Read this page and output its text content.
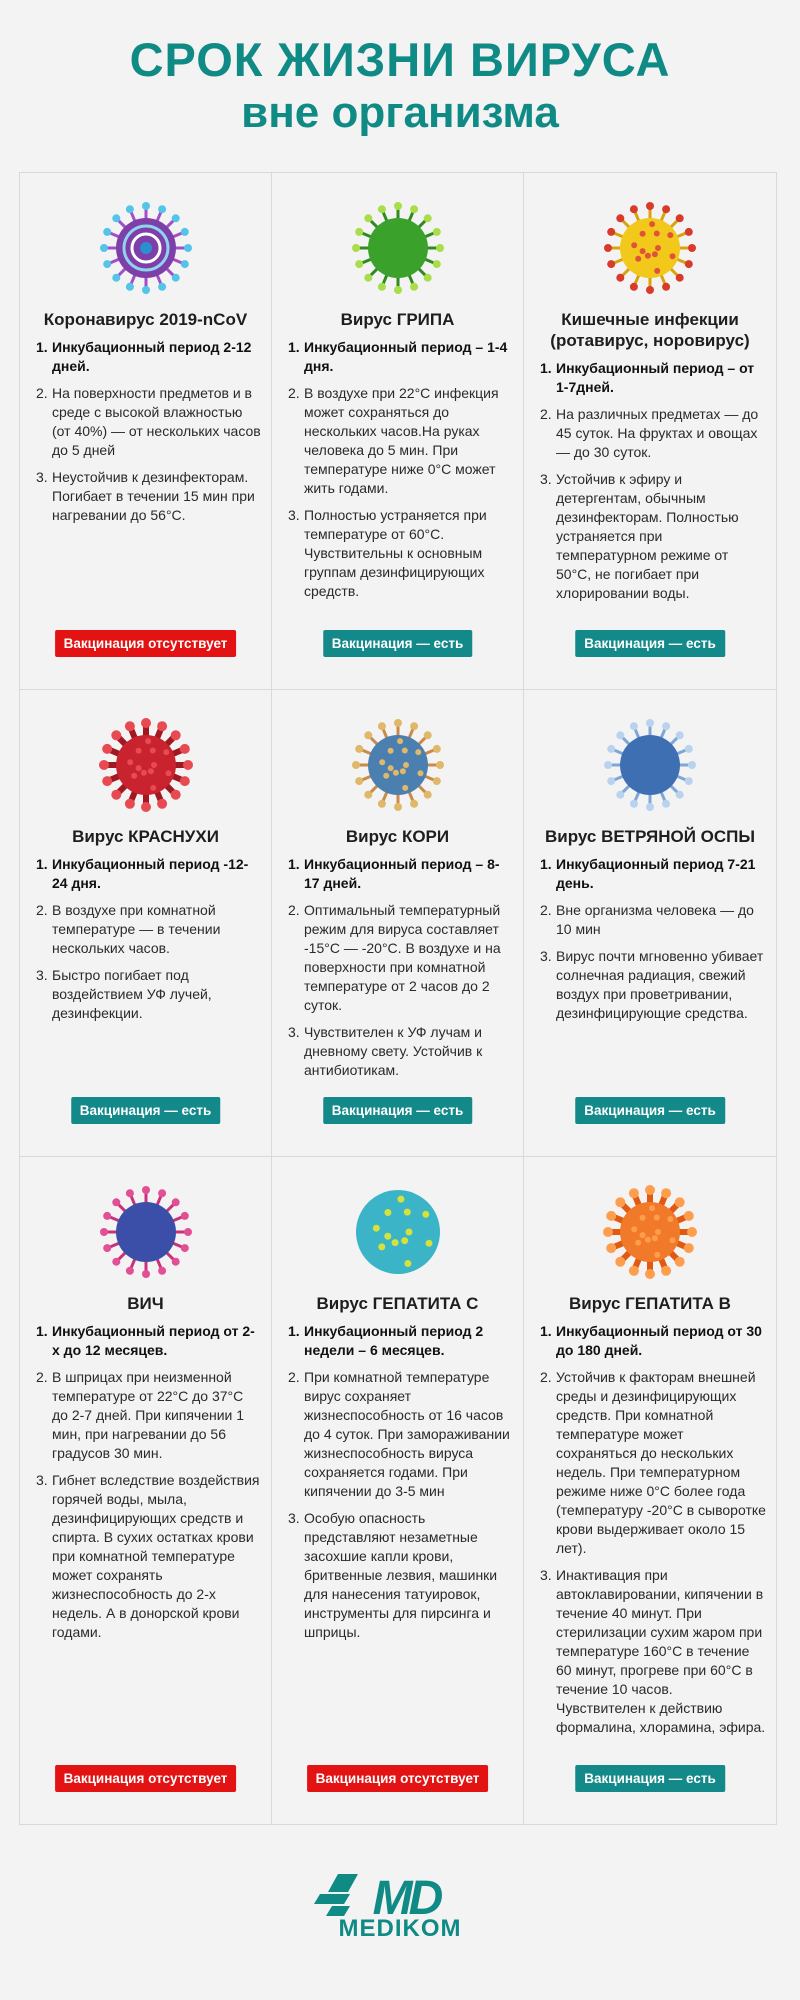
СРОК ЖИЗНИ ВИРУСА
вне организма
Коронавирус 2019-nCoV
Инкубационный период 2-12 дней.
На поверхности предметов и в среде с высокой влажностью (от 40%) — от нескольких часов до 5 дней
Неустойчив к дезинфекторам. Погибает в течении 15 мин при нагревании до 56°С.
Вакцинация отсутствует
Вирус ГРИПА
Инкубационный период – 1-4 дня.
В воздухе при 22°С инфекция может сохраняться до нескольких часов.На руках человека до 5 мин. При температуре ниже 0°С может жить годами.
Полностью устраняется при температуре от 60°С. Чувствительны к основным группам дезинфицирующих средств.
Вакцинация — есть
Кишечные инфекции (ротавирус, норовирус)
Инкубационный период – от 1-7дней.
На различных предметах — до 45 суток. На фруктах и овощах — до 30 суток.
Устойчив к эфиру и детергентам, обычным дезинфекторам. Полностью устраняется при температурном режиме от 50°С, не погибает при хлорировании воды.
Вакцинация — есть
Вирус КРАСНУХИ
Инкубационный период -12-24 дня.
В воздухе при комнатной температуре — в течении нескольких часов.
Быстро погибает под воздействием УФ лучей, дезинфекции.
Вакцинация — есть
Вирус КОРИ
Инкубационный период – 8-17 дней.
Оптимальный температурный режим для вируса составляет -15°С — -20°С. В воздухе и на поверхности при комнатной температуре от 2 часов до 2 суток.
Чувствителен к УФ лучам и дневному свету. Устойчив к антибиотикам.
Вакцинация — есть
Вирус ВЕТРЯНОЙ ОСПЫ
Инкубационный период 7-21 день.
Вне организма человека — до 10 мин
Вирус почти мгновенно убивает солнечная радиация, свежий воздух при проветривании, дезинфицирующие средства.
Вакцинация — есть
ВИЧ
Инкубационный период от 2-х до 12 месяцев.
В шприцах при неизменной температуре от 22°С до 37°С до 2-7 дней. При кипячении 1 мин, при нагревании до 56 градусов 30 мин.
Гибнет вследствие воздействия горячей воды, мыла, дезинфицирующих средств и спирта. В сухих остатках крови при комнатной температуре может сохранять жизнеспособность до 2-х недель. А в донорской крови годами.
Вакцинация отсутствует
Вирус ГЕПАТИТА С
Инкубационный период 2 недели – 6 месяцев.
При комнатной температуре вирус сохраняет жизнеспособность от 16 часов до 4 суток. При замораживании жизнеспособность вируса сохраняется годами. При кипячении до 3-5 мин
Особую опасность представляют незаметные засохшие капли крови, бритвенные лезвия, машинки для нанесения татуировок, инструменты для пирсинга и шприцы.
Вакцинация отсутствует
Вирус ГЕПАТИТА В
Инкубационный период от 30 до 180 дней.
Устойчив к факторам внешней среды и дезинфицирующих средств. При комнатной температуре может сохраняться до нескольких недель. При температурном режиме ниже 0°С более года (температуру -20°С в сыворотке крови выдерживает около 15 лет).
Инактивация при автоклавировании, кипячении в течение 40 минут. При стерилизации сухим жаром при температуре 160°С в течение 60 минут, прогреве при 60°С в течение 10 часов. Чувствителен к действию формалина, хлорамина, эфира.
Вакцинация — есть
MD
MEDIKOM
